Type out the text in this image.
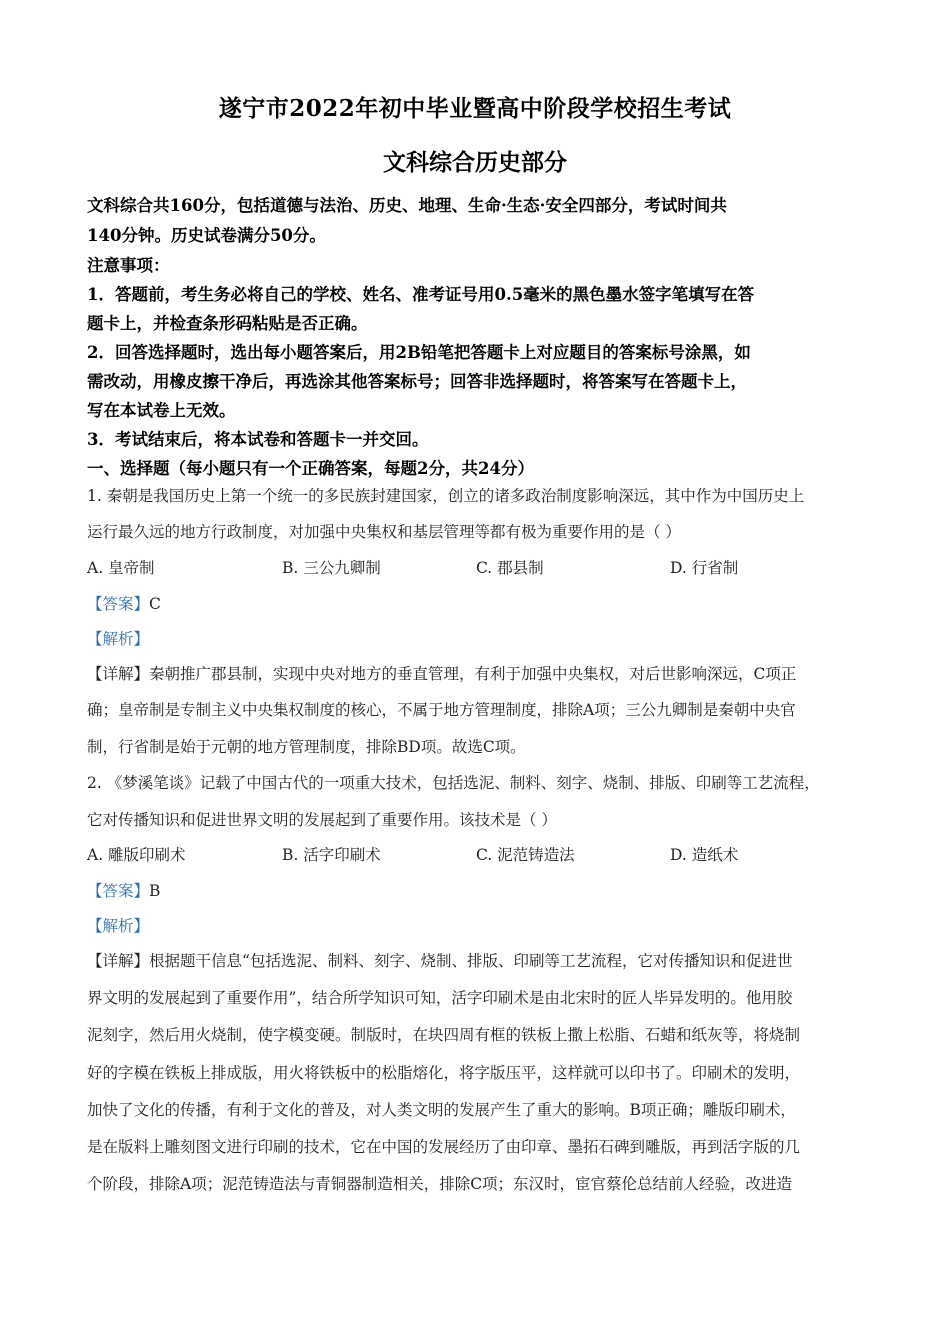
遂宁市2022年初中毕业暨高中阶段学校招生考试
文科综合历史部分
文科综合共160分，包括道德与法治、历史、地理、生命·生态·安全四部分，考试时间共
140分钟。历史试卷满分50分。
注意事项：
1．答题前，考生务必将自己的学校、姓名、准考证号用0.5毫米的黑色墨水签字笔填写在答
题卡上，并检查条形码粘贴是否正确。
2．回答选择题时，选出每小题答案后，用2B铅笔把答题卡上对应题目的答案标号涂黑，如
需改动，用橡皮擦干净后，再选涂其他答案标号；回答非选择题时，将答案写在答题卡上，
写在本试卷上无效。
3．考试结束后，将本试卷和答题卡一并交回。
一、选择题（每小题只有一个正确答案，每题2分，共24分）
1. 秦朝是我国历史上第一个统一的多民族封建国家，创立的诸多政治制度影响深远，其中作为中国历史上
运行最久远的地方行政制度，对加强中央集权和基层管理等都有极为重要作用的是（ ）
A. 皇帝制	B. 三公九卿制	C. 郡县制	D. 行省制
【答案】C
【解析】
【详解】秦朝推广郡县制，实现中央对地方的垂直管理，有利于加强中央集权，对后世影响深远，C项正
确；皇帝制是专制主义中央集权制度的核心，不属于地方管理制度，排除A项；三公九卿制是秦朝中央官
制，行省制是始于元朝的地方管理制度，排除BD项。故选C项。
2. 《梦溪笔谈》记载了中国古代的一项重大技术，包括选泥、制料、刻字、烧制、排版、印刷等工艺流程，
它对传播知识和促进世界文明的发展起到了重要作用。该技术是（ ）
A. 雕版印刷术	B. 活字印刷术	C. 泥范铸造法	D. 造纸术
【答案】B
【解析】
【详解】根据题干信息“包括选泥、制料、刻字、烧制、排版、印刷等工艺流程，它对传播知识和促进世
界文明的发展起到了重要作用”，结合所学知识可知，活字印刷术是由北宋时的匠人毕异发明的。他用胶
泥刻字，然后用火烧制，使字模变硬。制版时，在块四周有框的铁板上撒上松脂、石蜡和纸灰等，将烧制
好的字模在铁板上排成版，用火将铁板中的松脂熔化，将字版压平，这样就可以印书了。印刷术的发明，
加快了文化的传播，有利于文化的普及，对人类文明的发展产生了重大的影响。B项正确；雕版印刷术，
是在版料上雕刻图文进行印刷的技术，它在中国的发展经历了由印章、墨拓石碑到雕版，再到活字版的几
个阶段，排除A项；泥范铸造法与青铜器制造相关，排除C项；东汉时，宦官蔡伦总结前人经验，改进造
